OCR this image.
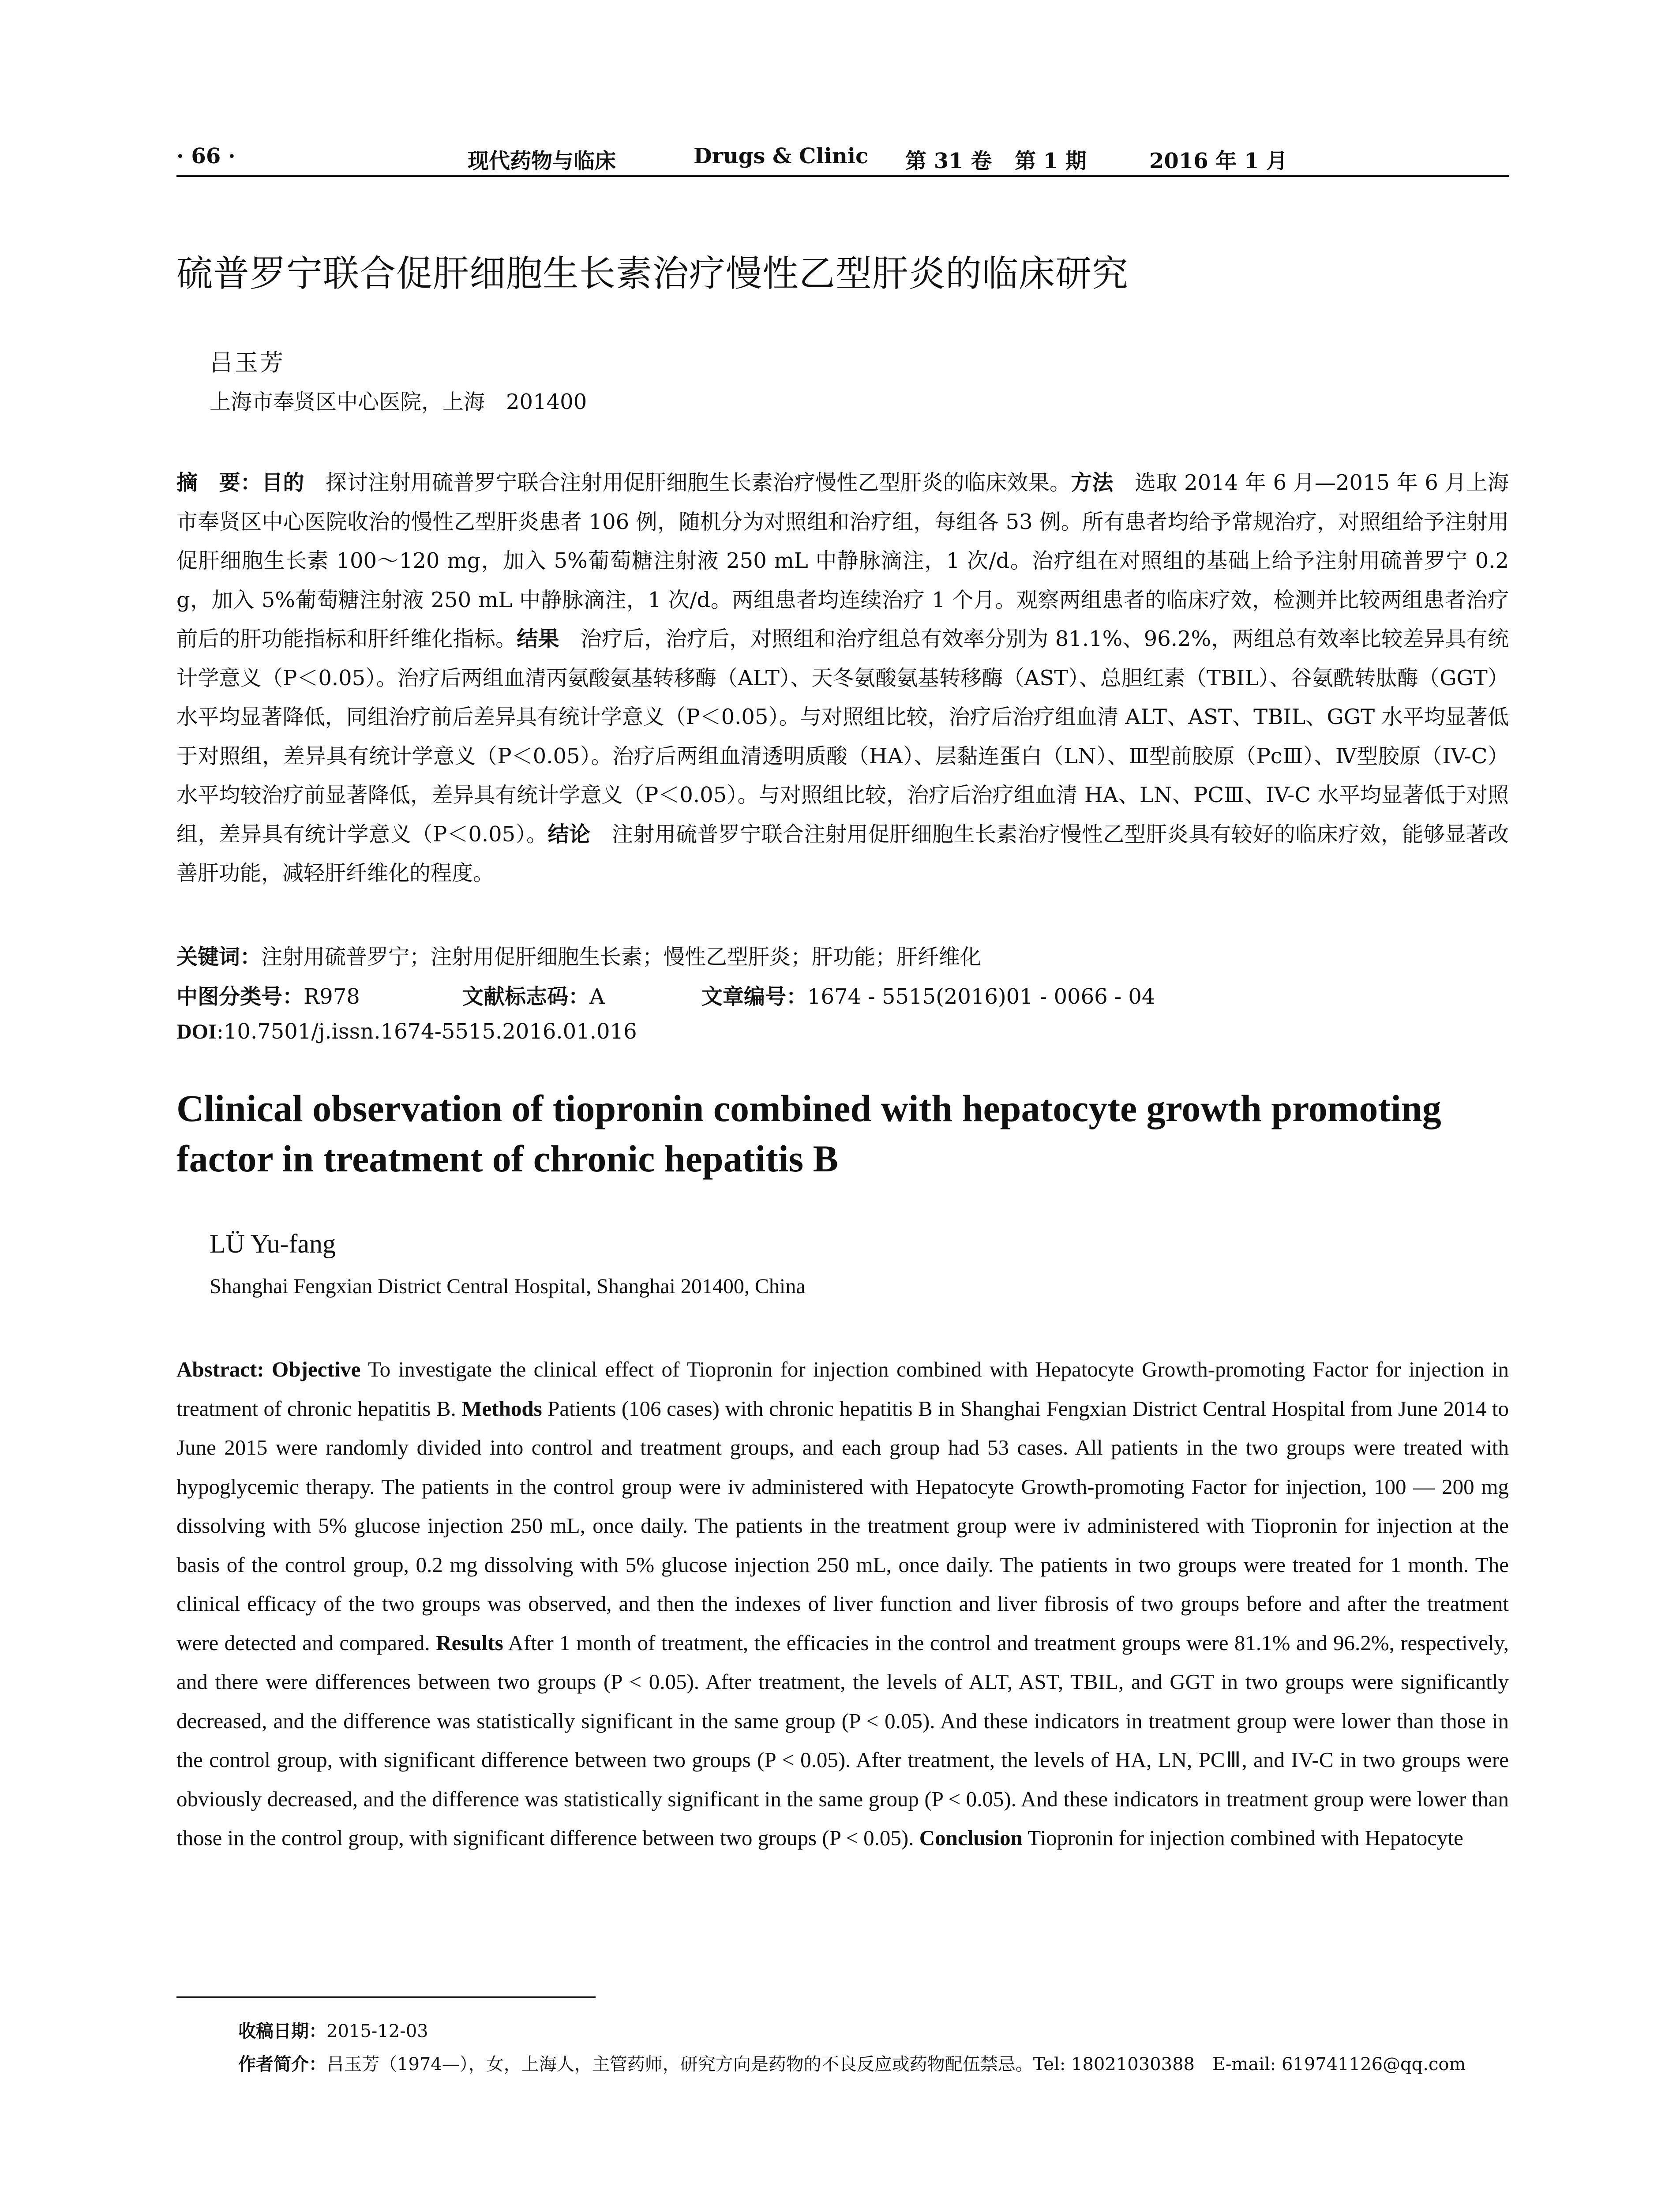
· 66 ·	现代药物与临床	Drugs & Clinic 第 31 卷 第 1 期	2016 年 1 月
硫普罗宁联合促肝细胞生长素治疗慢性乙型肝炎的临床研究
吕玉芳
上海市奉贤区中心医院，上海　201400
摘　要：目的　探讨注射用硫普罗宁联合注射用促肝细胞生长素治疗慢性乙型肝炎的临床效果。方法　选取 2014 年 6 月—2015 年 6 月上海市奉贤区中心医院收治的慢性乙型肝炎患者 106 例，随机分为对照组和治疗组，每组各 53 例。所有患者均给予常规治疗，对照组给予注射用促肝细胞生长素 100～120 mg，加入 5%葡萄糖注射液 250 mL 中静脉滴注，1 次/d。治疗组在对照组的基础上给予注射用硫普罗宁 0.2 g，加入 5%葡萄糖注射液 250 mL 中静脉滴注，1 次/d。两组患者均连续治疗 1 个月。观察两组患者的临床疗效，检测并比较两组患者治疗前后的肝功能指标和肝纤维化指标。结果　治疗后，治疗后，对照组和治疗组总有效率分别为 81.1%、96.2%，两组总有效率比较差异具有统计学意义（P＜0.05）。治疗后两组血清丙氨酸氨基转移酶（ALT）、天冬氨酸氨基转移酶（AST）、总胆红素（TBIL）、谷氨酰转肽酶（GGT）水平均显著降低，同组治疗前后差异具有统计学意义（P＜0.05）。与对照组比较，治疗后治疗组血清 ALT、AST、TBIL、GGT 水平均显著低于对照组，差异具有统计学意义（P＜0.05）。治疗后两组血清透明质酸（HA）、层黏连蛋白（LN）、Ⅲ型前胶原（PcⅢ）、Ⅳ型胶原（IV-C）水平均较治疗前显著降低，差异具有统计学意义（P＜0.05）。与对照组比较，治疗后治疗组血清 HA、LN、PCⅢ、IV-C 水平均显著低于对照组，差异具有统计学意义（P＜0.05）。结论　注射用硫普罗宁联合注射用促肝细胞生长素治疗慢性乙型肝炎具有较好的临床疗效，能够显著改善肝功能，减轻肝纤维化的程度。
关键词：注射用硫普罗宁；注射用促肝细胞生长素；慢性乙型肝炎；肝功能；肝纤维化
中图分类号：R978	文献标志码：A	文章编号：1674 - 5515(2016)01 - 0066 - 04
DOI:10.7501/j.issn.1674-5515.2016.01.016
Clinical observation of tiopronin combined with hepatocyte growth promoting factor in treatment of chronic hepatitis B
LÜ Yu-fang
Shanghai Fengxian District Central Hospital, Shanghai 201400, China
Abstract: Objective To investigate the clinical effect of Tiopronin for injection combined with Hepatocyte Growth-promoting Factor for injection in treatment of chronic hepatitis B. Methods Patients (106 cases) with chronic hepatitis B in Shanghai Fengxian District Central Hospital from June 2014 to June 2015 were randomly divided into control and treatment groups, and each group had 53 cases. All patients in the two groups were treated with hypoglycemic therapy. The patients in the control group were iv administered with Hepatocyte Growth-promoting Factor for injection, 100 — 200 mg dissolving with 5% glucose injection 250 mL, once daily. The patients in the treatment group were iv administered with Tiopronin for injection at the basis of the control group, 0.2 mg dissolving with 5% glucose injection 250 mL, once daily. The patients in two groups were treated for 1 month. The clinical efficacy of the two groups was observed, and then the indexes of liver function and liver fibrosis of two groups before and after the treatment were detected and compared. Results After 1 month of treatment, the efficacies in the control and treatment groups were 81.1% and 96.2%, respectively, and there were differences between two groups (P < 0.05). After treatment, the levels of ALT, AST, TBIL, and GGT in two groups were significantly decreased, and the difference was statistically significant in the same group (P < 0.05). And these indicators in treatment group were lower than those in the control group, with significant difference between two groups (P < 0.05). After treatment, the levels of HA, LN, PCⅢ, and IV-C in two groups were obviously decreased, and the difference was statistically significant in the same group (P < 0.05). And these indicators in treatment group were lower than those in the control group, with significant difference between two groups (P < 0.05). Conclusion Tiopronin for injection combined with Hepatocyte
收稿日期：2015-12-03
作者简介：吕玉芳（1974—），女，上海人，主管药师，研究方向是药物的不良反应或药物配伍禁忌。Tel: 18021030388　E-mail: 619741126@qq.com
